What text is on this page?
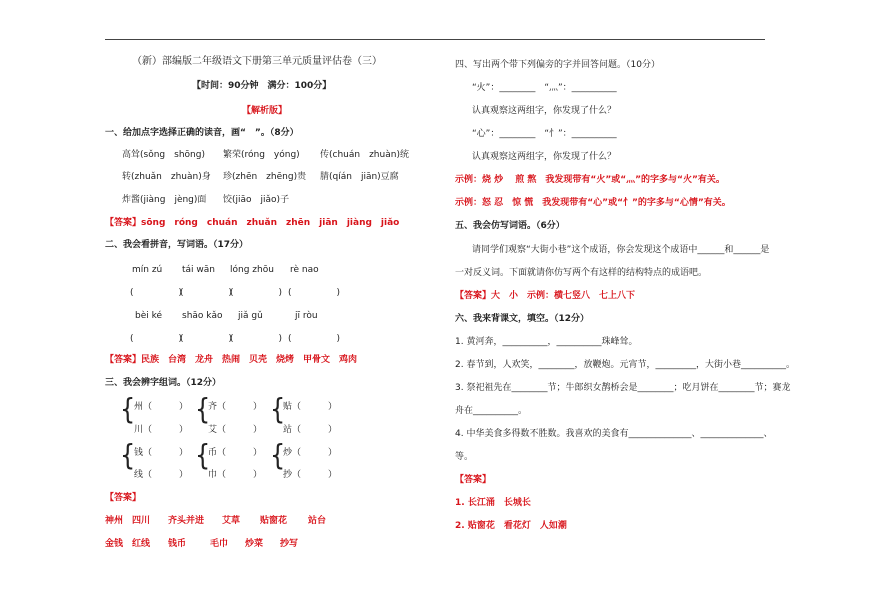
（新）部编版二年级语文下册第三单元质量评估卷（三）
【时间：90分钟　满分：100分】
【解析版】
一、给加点字选择正确的读音，画“　”。（8分）
高耸(sǒng　shōng) 繁荣(róng　yóng) 传(chuán　zhuàn)统
转(zhuǎn　zhuàn)身 珍(zhēn　zhēng)贵 腈(qíán　jiān)豆腐
炸酱(jiàng　jèng)面 饺(jiāo　jiǎo)子
【答案】sōng　róng　chuán　zhuǎn　zhēn　jiān　jiàng　jiǎo
二、我会看拼音，写词语。（17分）
mín zú tái wān lóng zhōu rè nao
(　　　　　)
(　　　　　)
(　　　　　) (　　　　　)
bèi ké shāo kǎo jiǎ gǔ	jī ròu
(　　　　　)
(　　　　　)
(　　　　　) (　　　　　)
【答案】民族　台湾　龙舟　热闹　贝壳　烧烤　甲骨文　鸡肉
三、我会辨字组词。（12分）
{
州（　　　）
川（　　　）
{
齐（　　　）
艾（　　　）
{
贴（　　　）
站（　　　）
{
钱（　　　）
线（　　　）
{
币（　　　）
巾（　　　）
{
炒（　　　）
抄（　　　）
【答案】
神州 四川 齐头并进 艾草 贴窗花 站台
金钱 红线 钱币	毛巾 炒菜 抄写
四、写出两个带下列偏旁的字并回答问题。（10分）
“火”：________　“灬”：__________
认真观察这两组字，你发现了什么？
“心”：________　“忄”：__________
认真观察这两组字，你发现了什么？
示例：烧 炒　 煎 熬　我发现带有“火”或“灬”的字多与“火”有关。
示例：怒 忍　惊 慌　我发现带有“心”或“忄”的字多与“心情”有关。
五、我会仿写词语。（6分）
请同学们观察“大街小巷”这个成语，你会发现这个成语中______和______是
一对反义词。下面就请你仿写两个有这样的结构特点的成语吧。
【答案】大　小　示例：横七竖八　七上八下
六、我来背课文，填空。（12分）
1. 黄河奔，__________，__________珠峰耸。
2. 春节到，人欢笑，________，放鞭炮。元宵节，_________，大街小巷__________。
3. 祭祀祖先在________节；牛郎织女鹊桥会是________；吃月饼在________节；赛龙
舟在__________。
4. 中华美食多得数不胜数。我喜欢的美食有______________、______________、
等。
【答案】
1. 长江涌　长城长
2. 贴窗花　看花灯　人如潮
